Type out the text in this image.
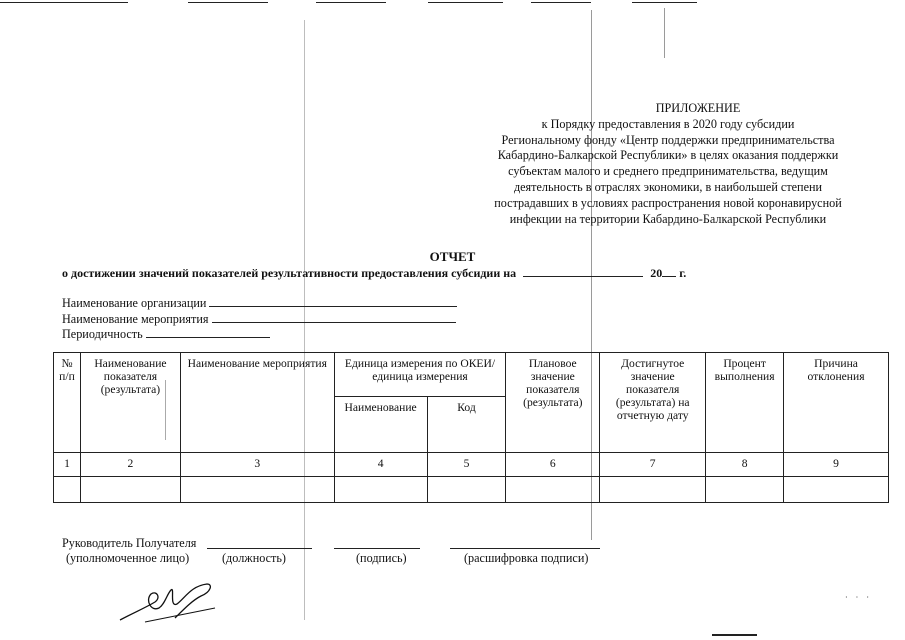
ПРИЛОЖЕНИЕ
к Порядку предоставления в 2020 году субсидии
Региональному фонду «Центр поддержки предпринимательства
Кабардино-Балкарской Республики» в целях оказания поддержки
субъектам малого и среднего предпринимательства, ведущим
деятельность в отраслях экономики, в наибольшей степени
пострадавших в условиях распространения новой коронавирусной
инфекции на территории Кабардино-Балкарской Республики
ОТЧЕТ
о достижении значений показателей результативности предоставления субсидии на	20 г.
Наименование организации
Наименование мероприятия
Периодичность
№ п/п	Наименование показателя (результата)	Наименование мероприятия	Единица измерения по ОКЕИ/единица измерения		Плановое значение показателя (результата)	Достигнутое значение показателя (результата) на отчетную дату	Процент выполнения	Причина отклонения
			Наименование	Код				
1	2	3	4	5	6	7	8	9

Руководитель Получателя
(уполномоченное лицо)	(должность)	(подпись)	(расшифровка подписи)
···
